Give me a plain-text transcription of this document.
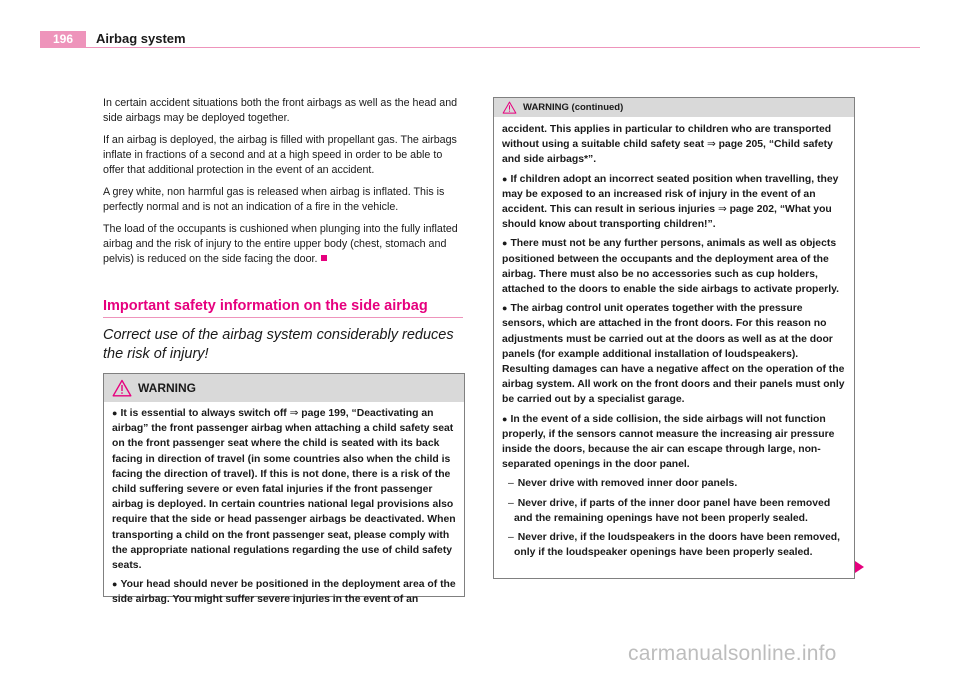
196	Airbag system

In certain accident situations both the front airbags as well as the head and side airbags may be deployed together.

If an airbag is deployed, the airbag is filled with propellant gas. The airbags inflate in fractions of a second and at a high speed in order to be able to offer that additional protection in the event of an accident.

A grey white, non harmful gas is released when airbag is inflated. This is perfectly normal and is not an indication of a fire in the vehicle.

The load of the occupants is cushioned when plunging into the fully inflated airbag and the risk of injury to the entire upper body (chest, stomach and pelvis) is reduced on the side facing the door.

Important safety information on the side airbag

Correct use of the airbag system considerably reduces the risk of injury!

WARNING

● It is essential to always switch off ⇒ page 199, “Deactivating an airbag” the front passenger airbag when attaching a child safety seat on the front passenger seat where the child is seated with its back facing in direction of travel (in some countries also when the child is facing the direction of travel). If this is not done, there is a risk of the child suffering severe or even fatal injuries if the front passenger airbag is deployed. In certain countries national legal provisions also require that the side or head passenger airbags be deactivated. When transporting a child on the front passenger seat, please comply with the appropriate national regulations regarding the use of child safety seats.

● Your head should never be positioned in the deployment area of the side airbag. You might suffer severe injuries in the event of an

WARNING (continued)

accident. This applies in particular to children who are transported without using a suitable child safety seat ⇒ page 205, “Child safety and side airbags*”.

● If children adopt an incorrect seated position when travelling, they may be exposed to an increased risk of injury in the event of an accident. This can result in serious injuries ⇒ page 202, “What you should know about transporting children!”.

● There must not be any further persons, animals as well as objects positioned between the occupants and the deployment area of the airbag. There must also be no accessories such as cup holders, attached to the doors to enable the side airbags to activate properly.

● The airbag control unit operates together with the pressure sensors, which are attached in the front doors. For this reason no adjustments must be carried out at the doors as well as at the door panels (for example additional installation of loudspeakers). Resulting damages can have a negative affect on the operation of the airbag system. All work on the front doors and their panels must only be carried out by a specialist garage.

● In the event of a side collision, the side airbags will not function properly, if the sensors cannot measure the increasing air pressure inside the doors, because the air can escape through large, non-separated openings in the door panel.

– Never drive with removed inner door panels.

– Never drive, if parts of the inner door panel have been removed and the remaining openings have not been properly sealed.

– Never drive, if the loudspeakers in the doors have been removed, only if the loudspeaker openings have been properly sealed.

carmanualsonline.info
